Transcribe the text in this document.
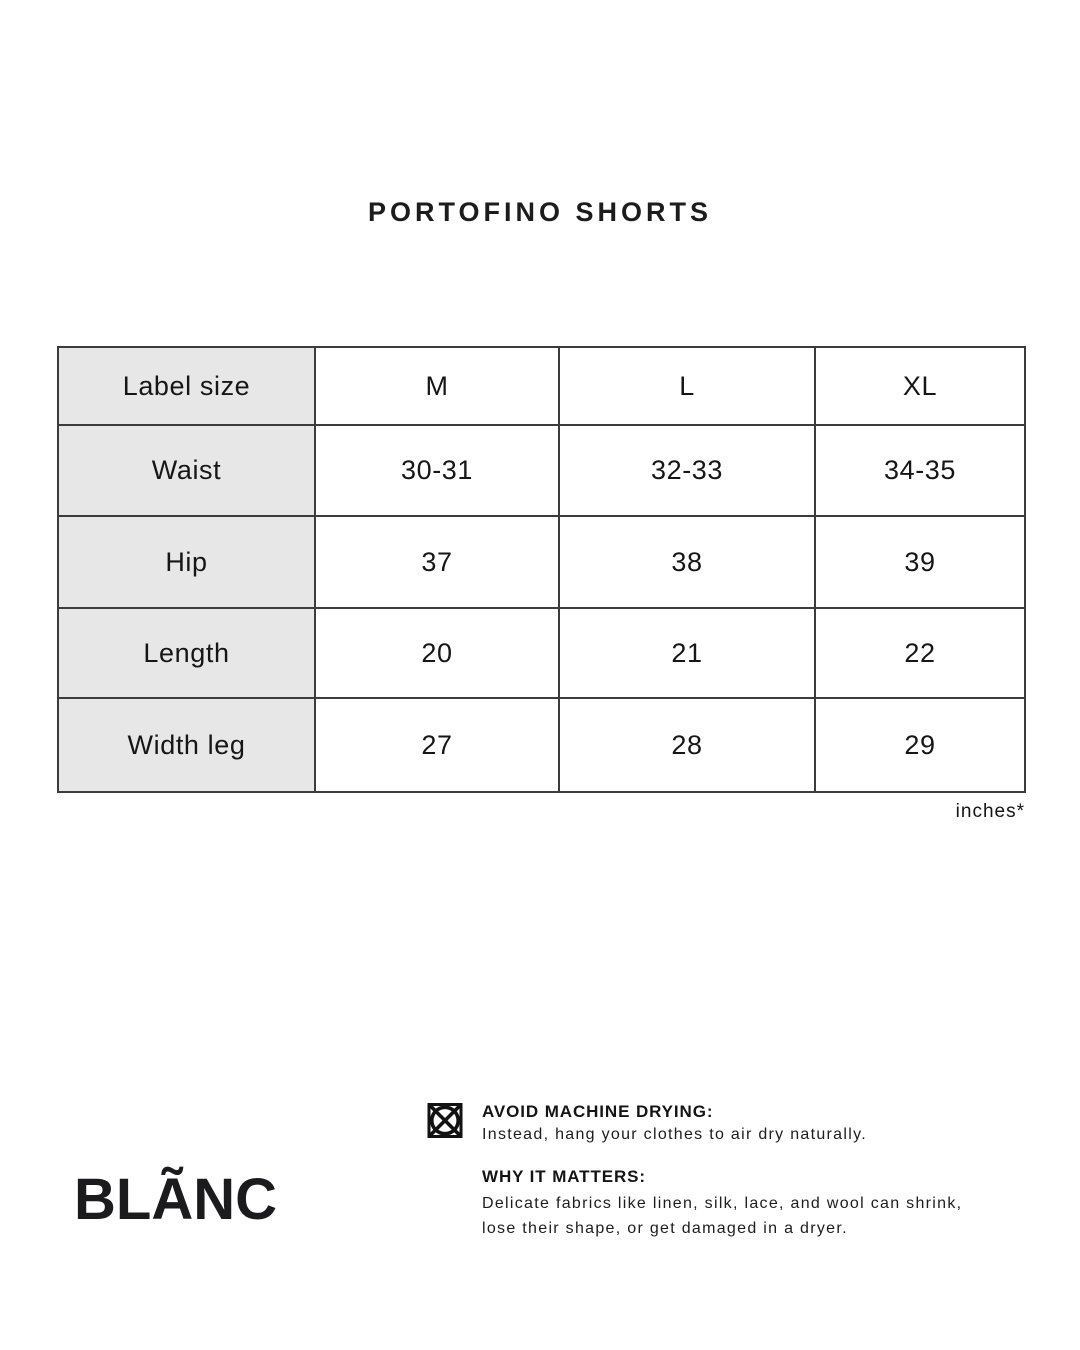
PORTOFINO SHORTS
Label size	M	L	XL
Waist	30-31	32-33	34-35
Hip	37	38	39
Length	20	21	22
Width leg	27	28	29
inches*
AVOID MACHINE DRYING:
Instead, hang your clothes to air dry naturally.
WHY IT MATTERS:
Delicate fabrics like linen, silk, lace, and wool can shrink,
lose their shape, or get damaged in a dryer.
BLÃNC
